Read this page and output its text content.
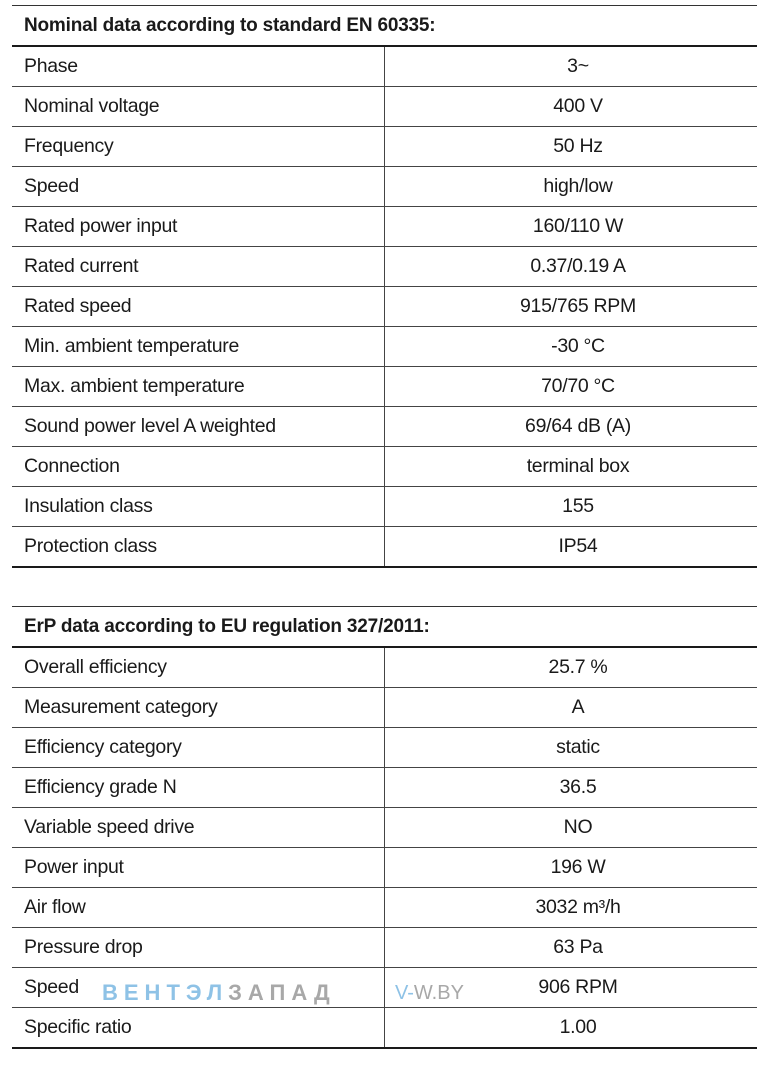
Nominal data according to standard EN 60335:	
Phase	3~
Nominal voltage	400 V
Frequency	50 Hz
Speed	high/low
Rated power input	160/110 W
Rated current	0.37/0.19 A
Rated speed	915/765 RPM
Min. ambient temperature	-30 °C
Max. ambient temperature	70/70 °C
Sound power level A weighted	69/64 dB (A)
Connection	terminal box
Insulation class	155
Protection class	IP54
ErP data according to EU regulation 327/2011:	
Overall efficiency	25.7 %
Measurement category	A
Efficiency category	static
Efficiency grade N	36.5
Variable speed drive	NO
Power input	196 W
Air flow	3032 m³/h
Pressure drop	63 Pa
Speed	906 RPM
Specific ratio	1.00
ВЕНТЭЛЗАПАД	V-W.BY
